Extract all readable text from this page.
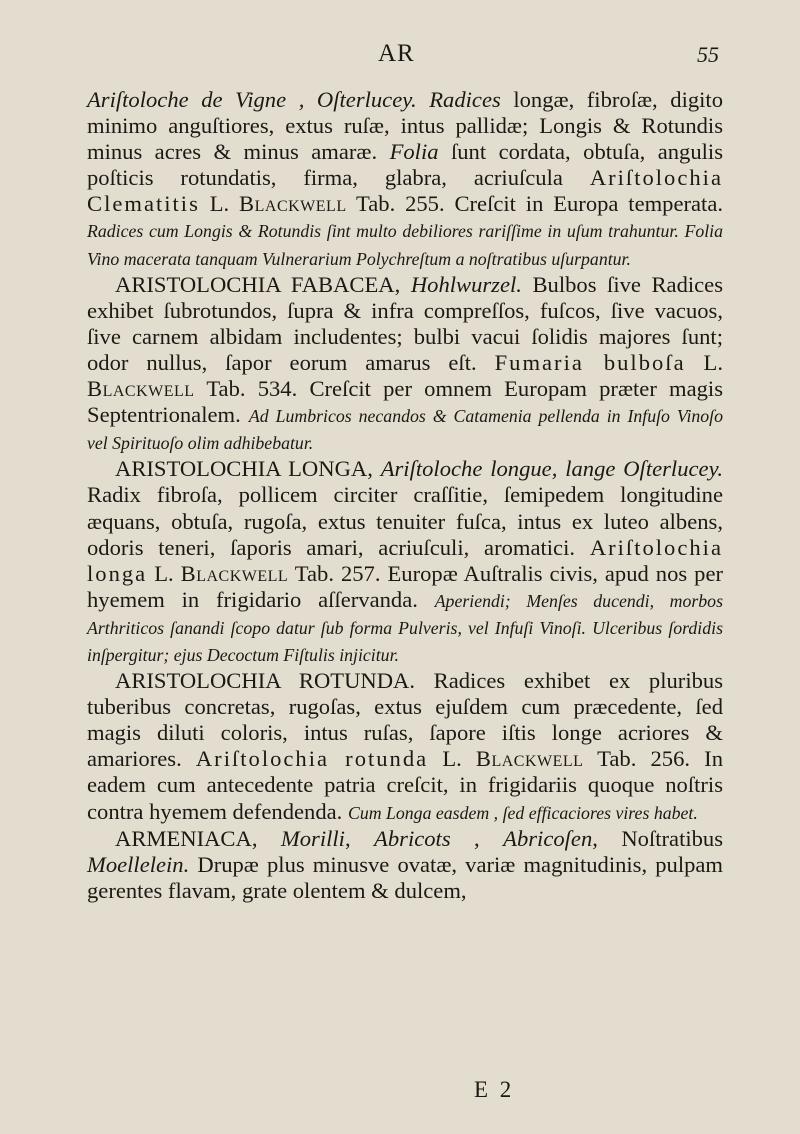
AR	55

Ariſtoloche de Vigne , Oſterlucey. Radices longæ, fibroſæ, digito minimo anguſtiores, extus ruſæ, intus pallidæ; Longis & Rotundis minus acres & minus amaræ. Folia ſunt cordata, obtuſa, angulis poſticis rotundatis, firma, glabra, acriuſcula Ariſtolochia Clematitis L. Blackwell Tab. 255. Creſcit in Europa temperata. Radices cum Longis & Rotundis ſint multo debiliores rariſſime in uſum trahuntur. Folia Vino macerata tanquam Vulnerarium Polychreſtum a noſtratibus uſurpantur.

ARISTOLOCHIA FABACEA, Hohlwurzel. Bulbos ſive Radices exhibet ſubrotundos, ſupra & infra compreſſos, fuſcos, ſive vacuos, ſive carnem albidam includentes; bulbi vacui ſolidis majores ſunt; odor nullus, ſapor eorum amarus eſt. Fumaria bulboſa L. Blackwell Tab. 534. Creſcit per omnem Europam præter magis Septentrionalem. Ad Lumbricos necandos & Catamenia pellenda in Infuſo Vinoſo vel Spirituoſo olim adhibebatur.

ARISTOLOCHIA LONGA, Ariſtoloche longue, lange Oſterlucey. Radix fibroſa, pollicem circiter craſſitie, ſemipedem longitudine æquans, obtuſa, rugoſa, extus tenuiter fuſca, intus ex luteo albens, odoris teneri, ſaporis amari, acriuſculi, aromatici. Ariſtolochia longa L. Blackwell Tab. 257. Europæ Auſtralis civis, apud nos per hyemem in frigidario aſſervanda. Aperiendi; Menſes ducendi, morbos Arthriticos ſanandi ſcopo datur ſub forma Pulveris, vel Infuſi Vinoſi. Ulceribus ſordidis inſpergitur; ejus Decoctum Fiſtulis injicitur.

ARISTOLOCHIA ROTUNDA. Radices exhibet ex pluribus tuberibus concretas, rugoſas, extus ejuſdem cum præcedente, ſed magis diluti coloris, intus ruſas, ſapore iſtis longe acriores & amariores. Ariſtolochia rotunda L. Blackwell Tab. 256. In eadem cum antecedente patria creſcit, in frigidariis quoque noſtris contra hyemem defendenda. Cum Longa easdem , ſed efficaciores vires habet.

ARMENIACA, Morilli, Abricots , Abricoſen, Noſtratibus Moellelein. Drupæ plus minusve ovatæ, variæ magnitudinis, pulpam gerentes flavam, grate olentem & dulcem,

E 2
